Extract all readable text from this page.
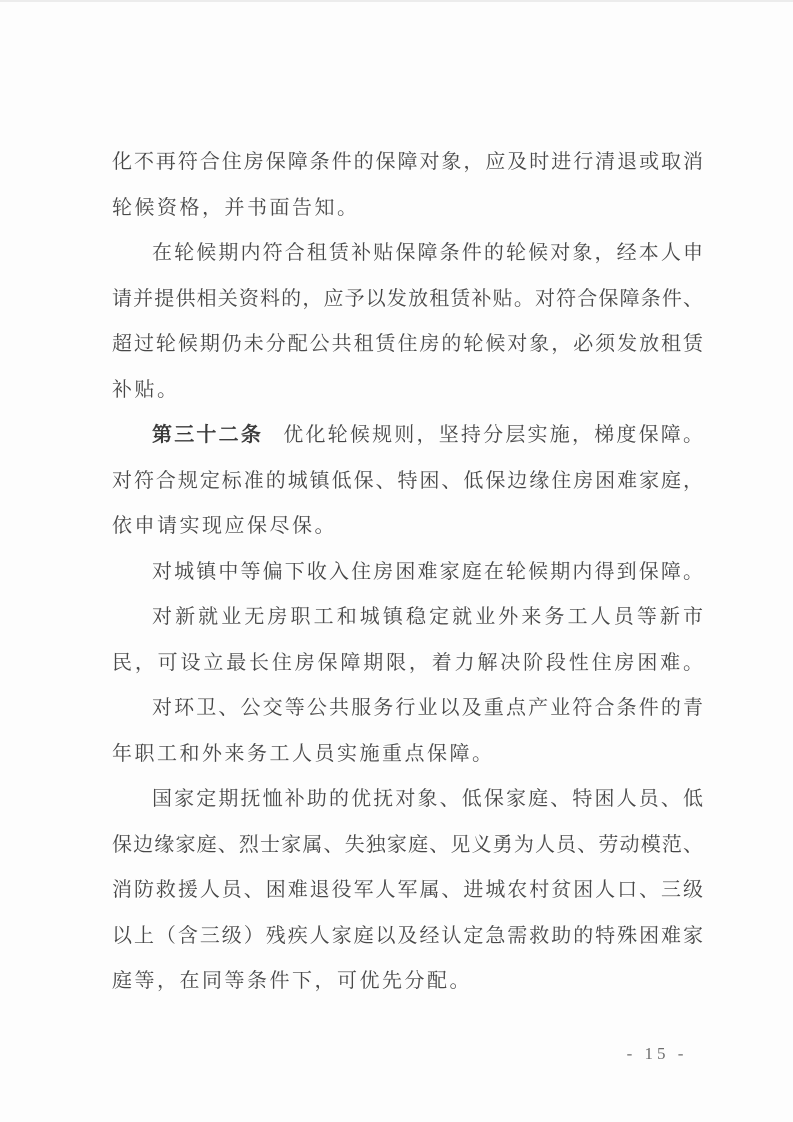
化不再符合住房保障条件的保障对象，应及时进行清退或取消
轮候资格，并书面告知。
在轮候期内符合租赁补贴保障条件的轮候对象，经本人申
请并提供相关资料的，应予以发放租赁补贴。对符合保障条件、
超过轮候期仍未分配公共租赁住房的轮候对象，必须发放租赁
补贴。
第三十二条 优化轮候规则，坚持分层实施，梯度保障。
对符合规定标准的城镇低保、特困、低保边缘住房困难家庭，
依申请实现应保尽保。
对城镇中等偏下收入住房困难家庭在轮候期内得到保障。
对新就业无房职工和城镇稳定就业外来务工人员等新市
民，可设立最长住房保障期限，着力解决阶段性住房困难。
对环卫、公交等公共服务行业以及重点产业符合条件的青
年职工和外来务工人员实施重点保障。
国家定期抚恤补助的优抚对象、低保家庭、特困人员、低
保边缘家庭、烈士家属、失独家庭、见义勇为人员、劳动模范、
消防救援人员、困难退役军人军属、进城农村贫困人口、三级
以上（含三级）残疾人家庭以及经认定急需救助的特殊困难家
庭等，在同等条件下，可优先分配。
- 15 -
